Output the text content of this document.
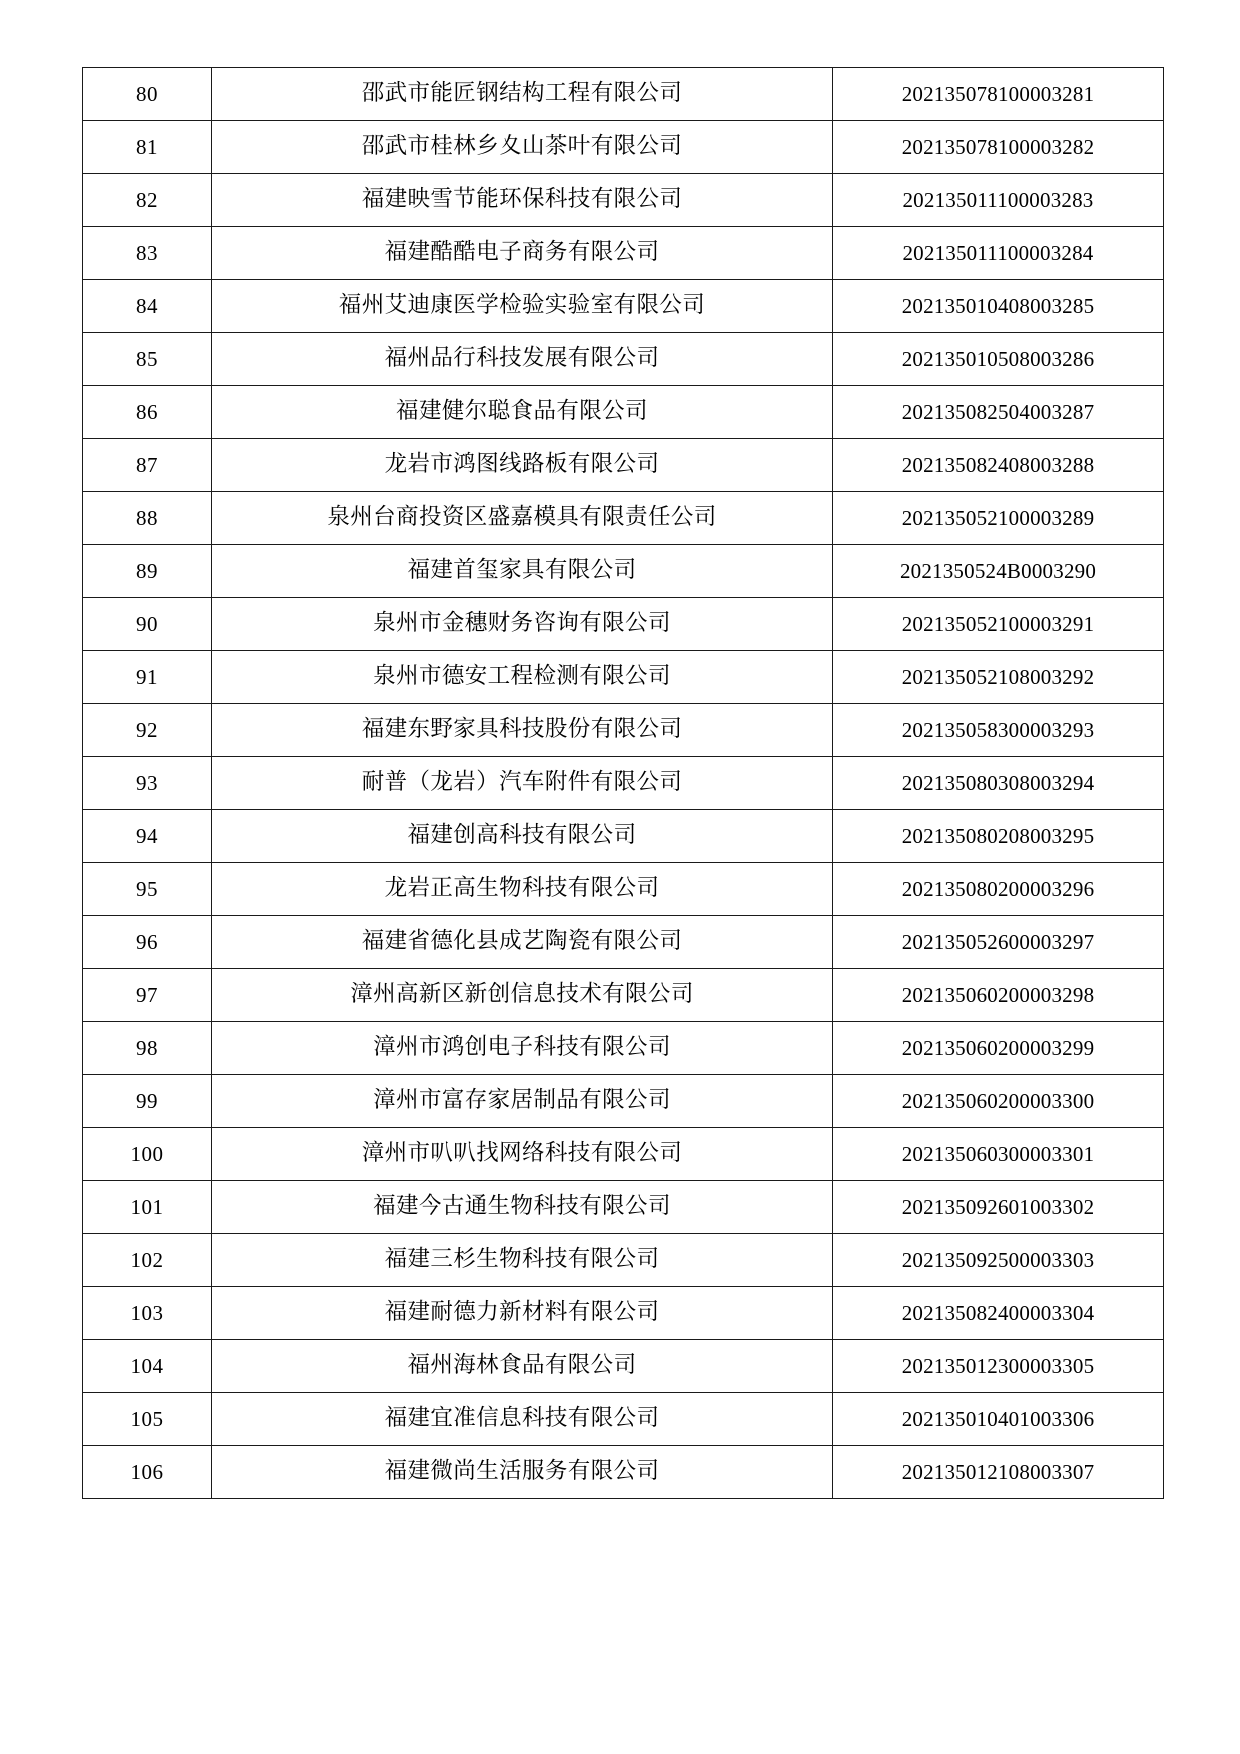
80	邵武市能匠钢结构工程有限公司	202135078100003281
81	邵武市桂林乡夊山茶叶有限公司	202135078100003282
82	福建映雪节能环保科技有限公司	202135011100003283
83	福建酷酷电子商务有限公司	202135011100003284
84	福州艾迪康医学检验实验室有限公司	202135010408003285
85	福州品行科技发展有限公司	202135010508003286
86	福建健尔聪食品有限公司	202135082504003287
87	龙岩市鸿图线路板有限公司	202135082408003288
88	泉州台商投资区盛嘉模具有限责任公司	202135052100003289
89	福建首玺家具有限公司	2021350524B0003290
90	泉州市金穗财务咨询有限公司	202135052100003291
91	泉州市德安工程检测有限公司	202135052108003292
92	福建东野家具科技股份有限公司	202135058300003293
93	耐普（龙岩）汽车附件有限公司	202135080308003294
94	福建创高科技有限公司	202135080208003295
95	龙岩正高生物科技有限公司	202135080200003296
96	福建省德化县成艺陶瓷有限公司	202135052600003297
97	漳州高新区新创信息技术有限公司	202135060200003298
98	漳州市鸿创电子科技有限公司	202135060200003299
99	漳州市富存家居制品有限公司	202135060200003300
100	漳州市叭叭找网络科技有限公司	202135060300003301
101	福建今古通生物科技有限公司	202135092601003302
102	福建三杉生物科技有限公司	202135092500003303
103	福建耐德力新材料有限公司	202135082400003304
104	福州海林食品有限公司	202135012300003305
105	福建宜准信息科技有限公司	202135010401003306
106	福建微尚生活服务有限公司	202135012108003307
